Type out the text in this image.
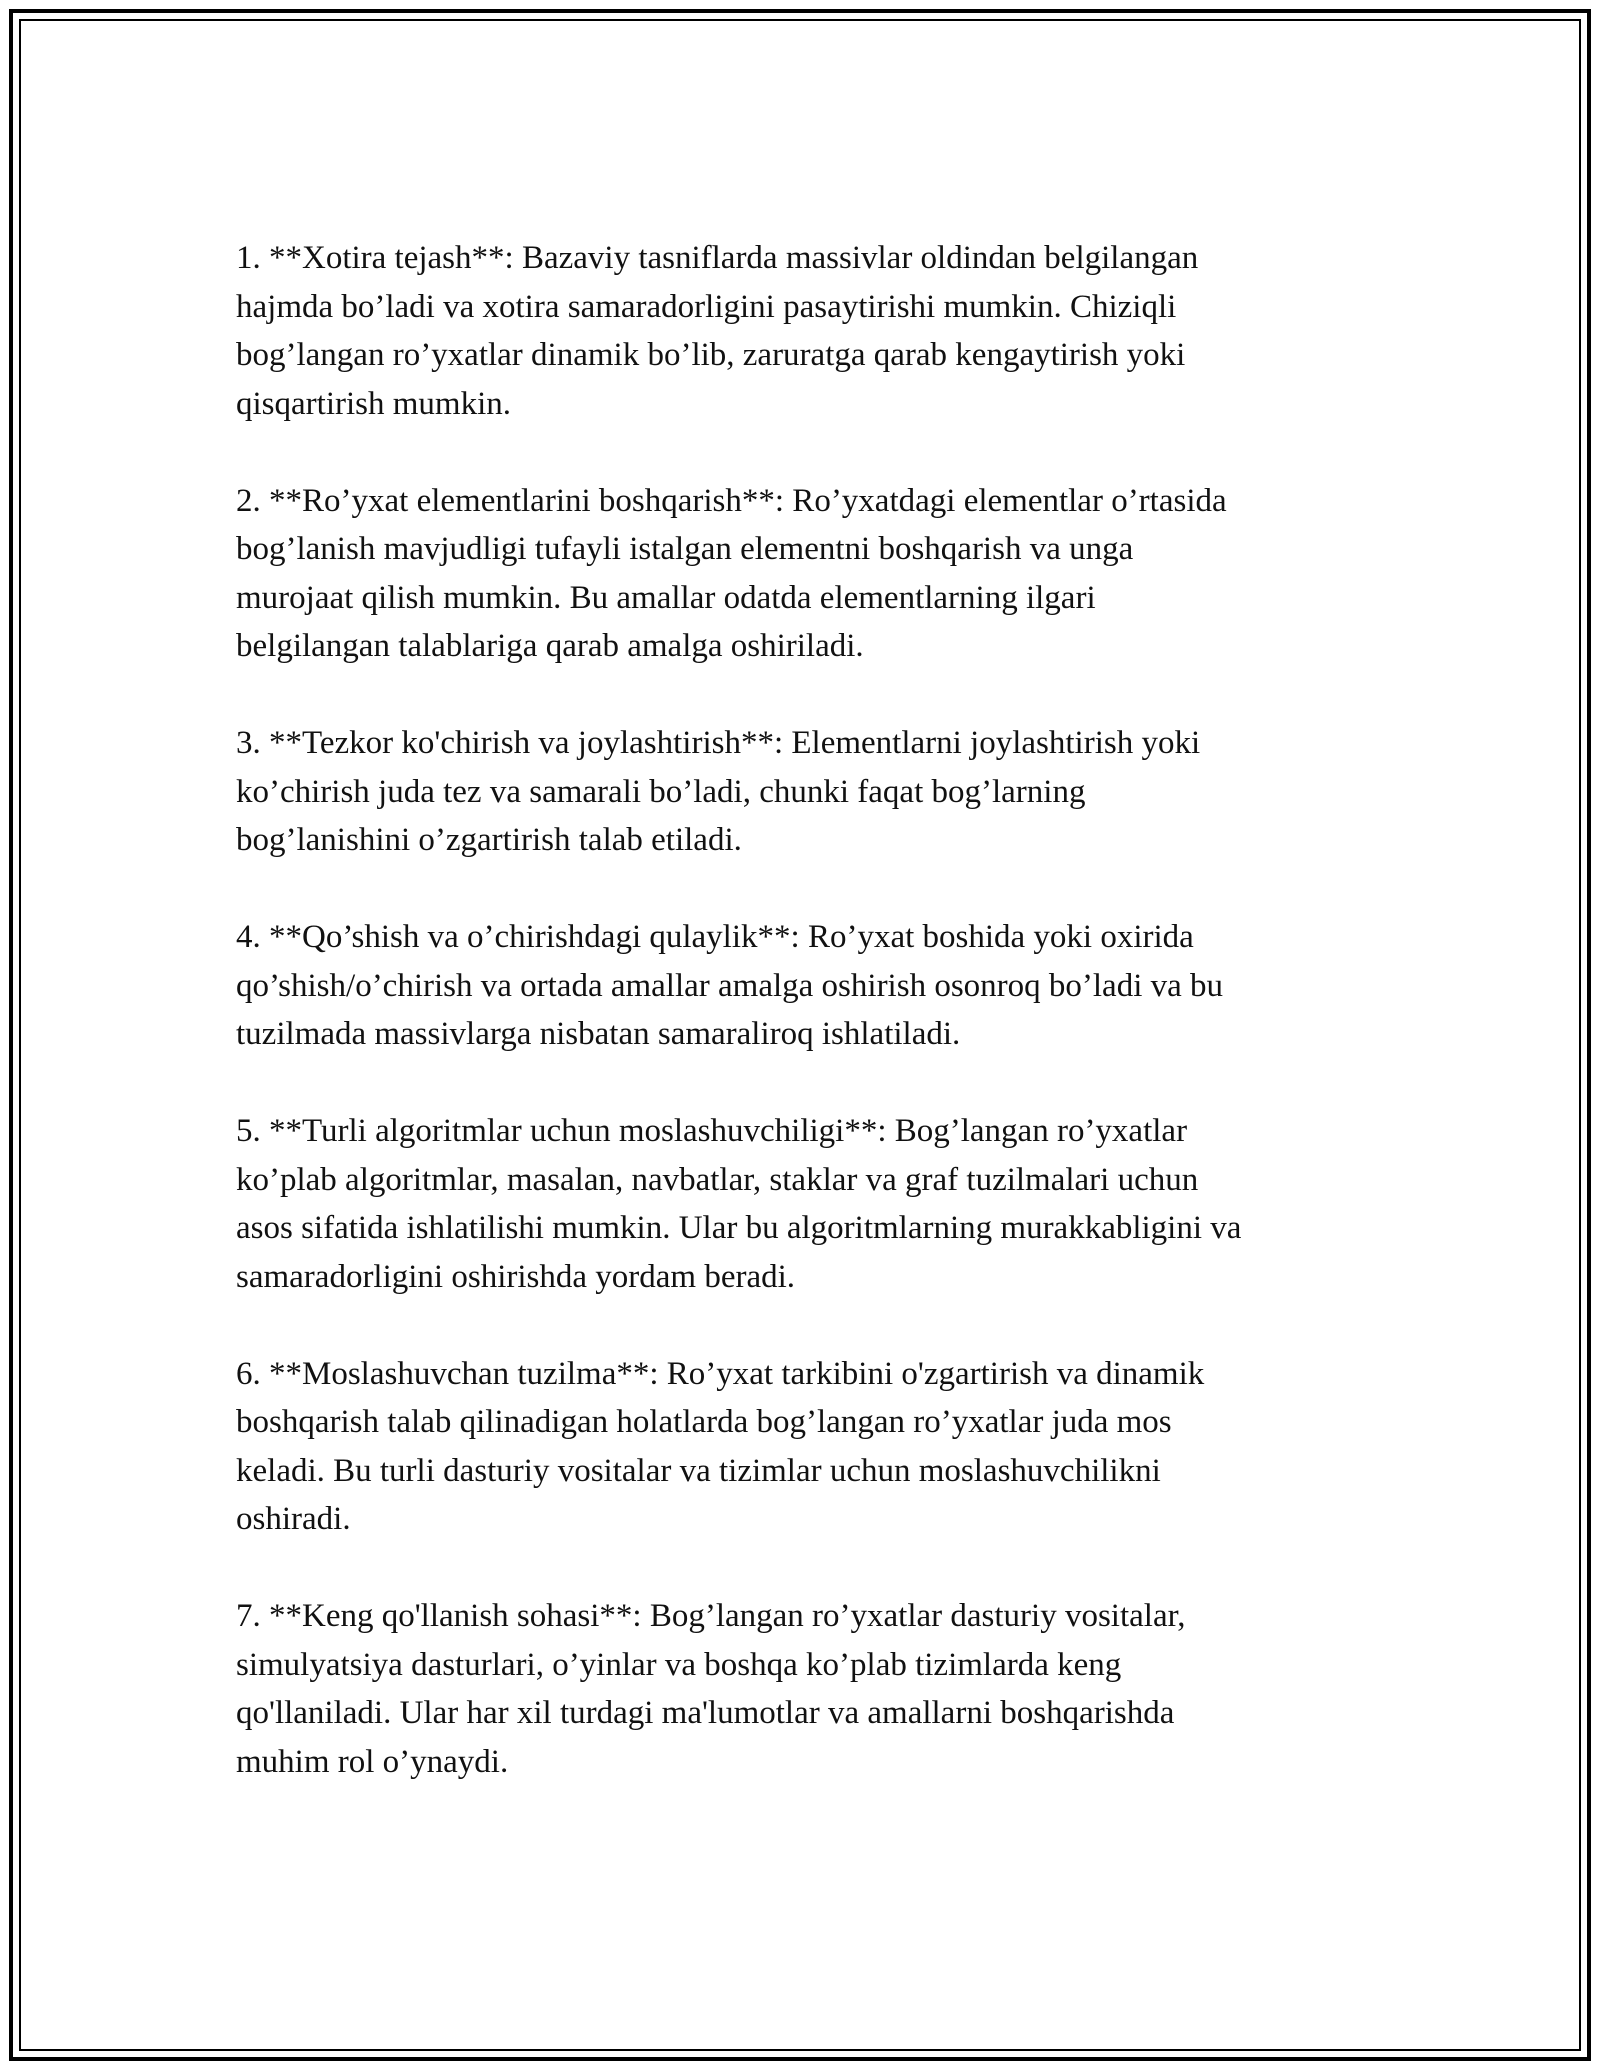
1. **Xotira tejash**: Bazaviy tasniflarda massivlar oldindan belgilangan
hajmda bo’ladi va xotira samaradorligini pasaytirishi mumkin. Chiziqli
bog’langan ro’yxatlar dinamik bo’lib, zaruratga qarab kengaytirish yoki
qisqartirish mumkin.

2. **Ro’yxat elementlarini boshqarish**: Ro’yxatdagi elementlar o’rtasida
bog’lanish mavjudligi tufayli istalgan elementni boshqarish va unga
murojaat qilish mumkin. Bu amallar odatda elementlarning ilgari
belgilangan talablariga qarab amalga oshiriladi.

3. **Tezkor ko'chirish va joylashtirish**: Elementlarni joylashtirish yoki
ko’chirish juda tez va samarali bo’ladi, chunki faqat bog’larning
bog’lanishini o’zgartirish talab etiladi.

4. **Qo’shish va o’chirishdagi qulaylik**: Ro’yxat boshida yoki oxirida
qo’shish/o’chirish va ortada amallar amalga oshirish osonroq bo’ladi va bu
tuzilmada massivlarga nisbatan samaraliroq ishlatiladi.

5. **Turli algoritmlar uchun moslashuvchiligi**: Bog’langan ro’yxatlar
ko’plab algoritmlar, masalan, navbatlar, staklar va graf tuzilmalari uchun
asos sifatida ishlatilishi mumkin. Ular bu algoritmlarning murakkabligini va
samaradorligini oshirishda yordam beradi.

6. **Moslashuvchan tuzilma**: Ro’yxat tarkibini o'zgartirish va dinamik
boshqarish talab qilinadigan holatlarda bog’langan ro’yxatlar juda mos
keladi. Bu turli dasturiy vositalar va tizimlar uchun moslashuvchilikni
oshiradi.

7. **Keng qo'llanish sohasi**: Bog’langan ro’yxatlar dasturiy vositalar,
simulyatsiya dasturlari, o’yinlar va boshqa ko’plab tizimlarda keng
qo'llaniladi. Ular har xil turdagi ma'lumotlar va amallarni boshqarishda
muhim rol o’ynaydi.
